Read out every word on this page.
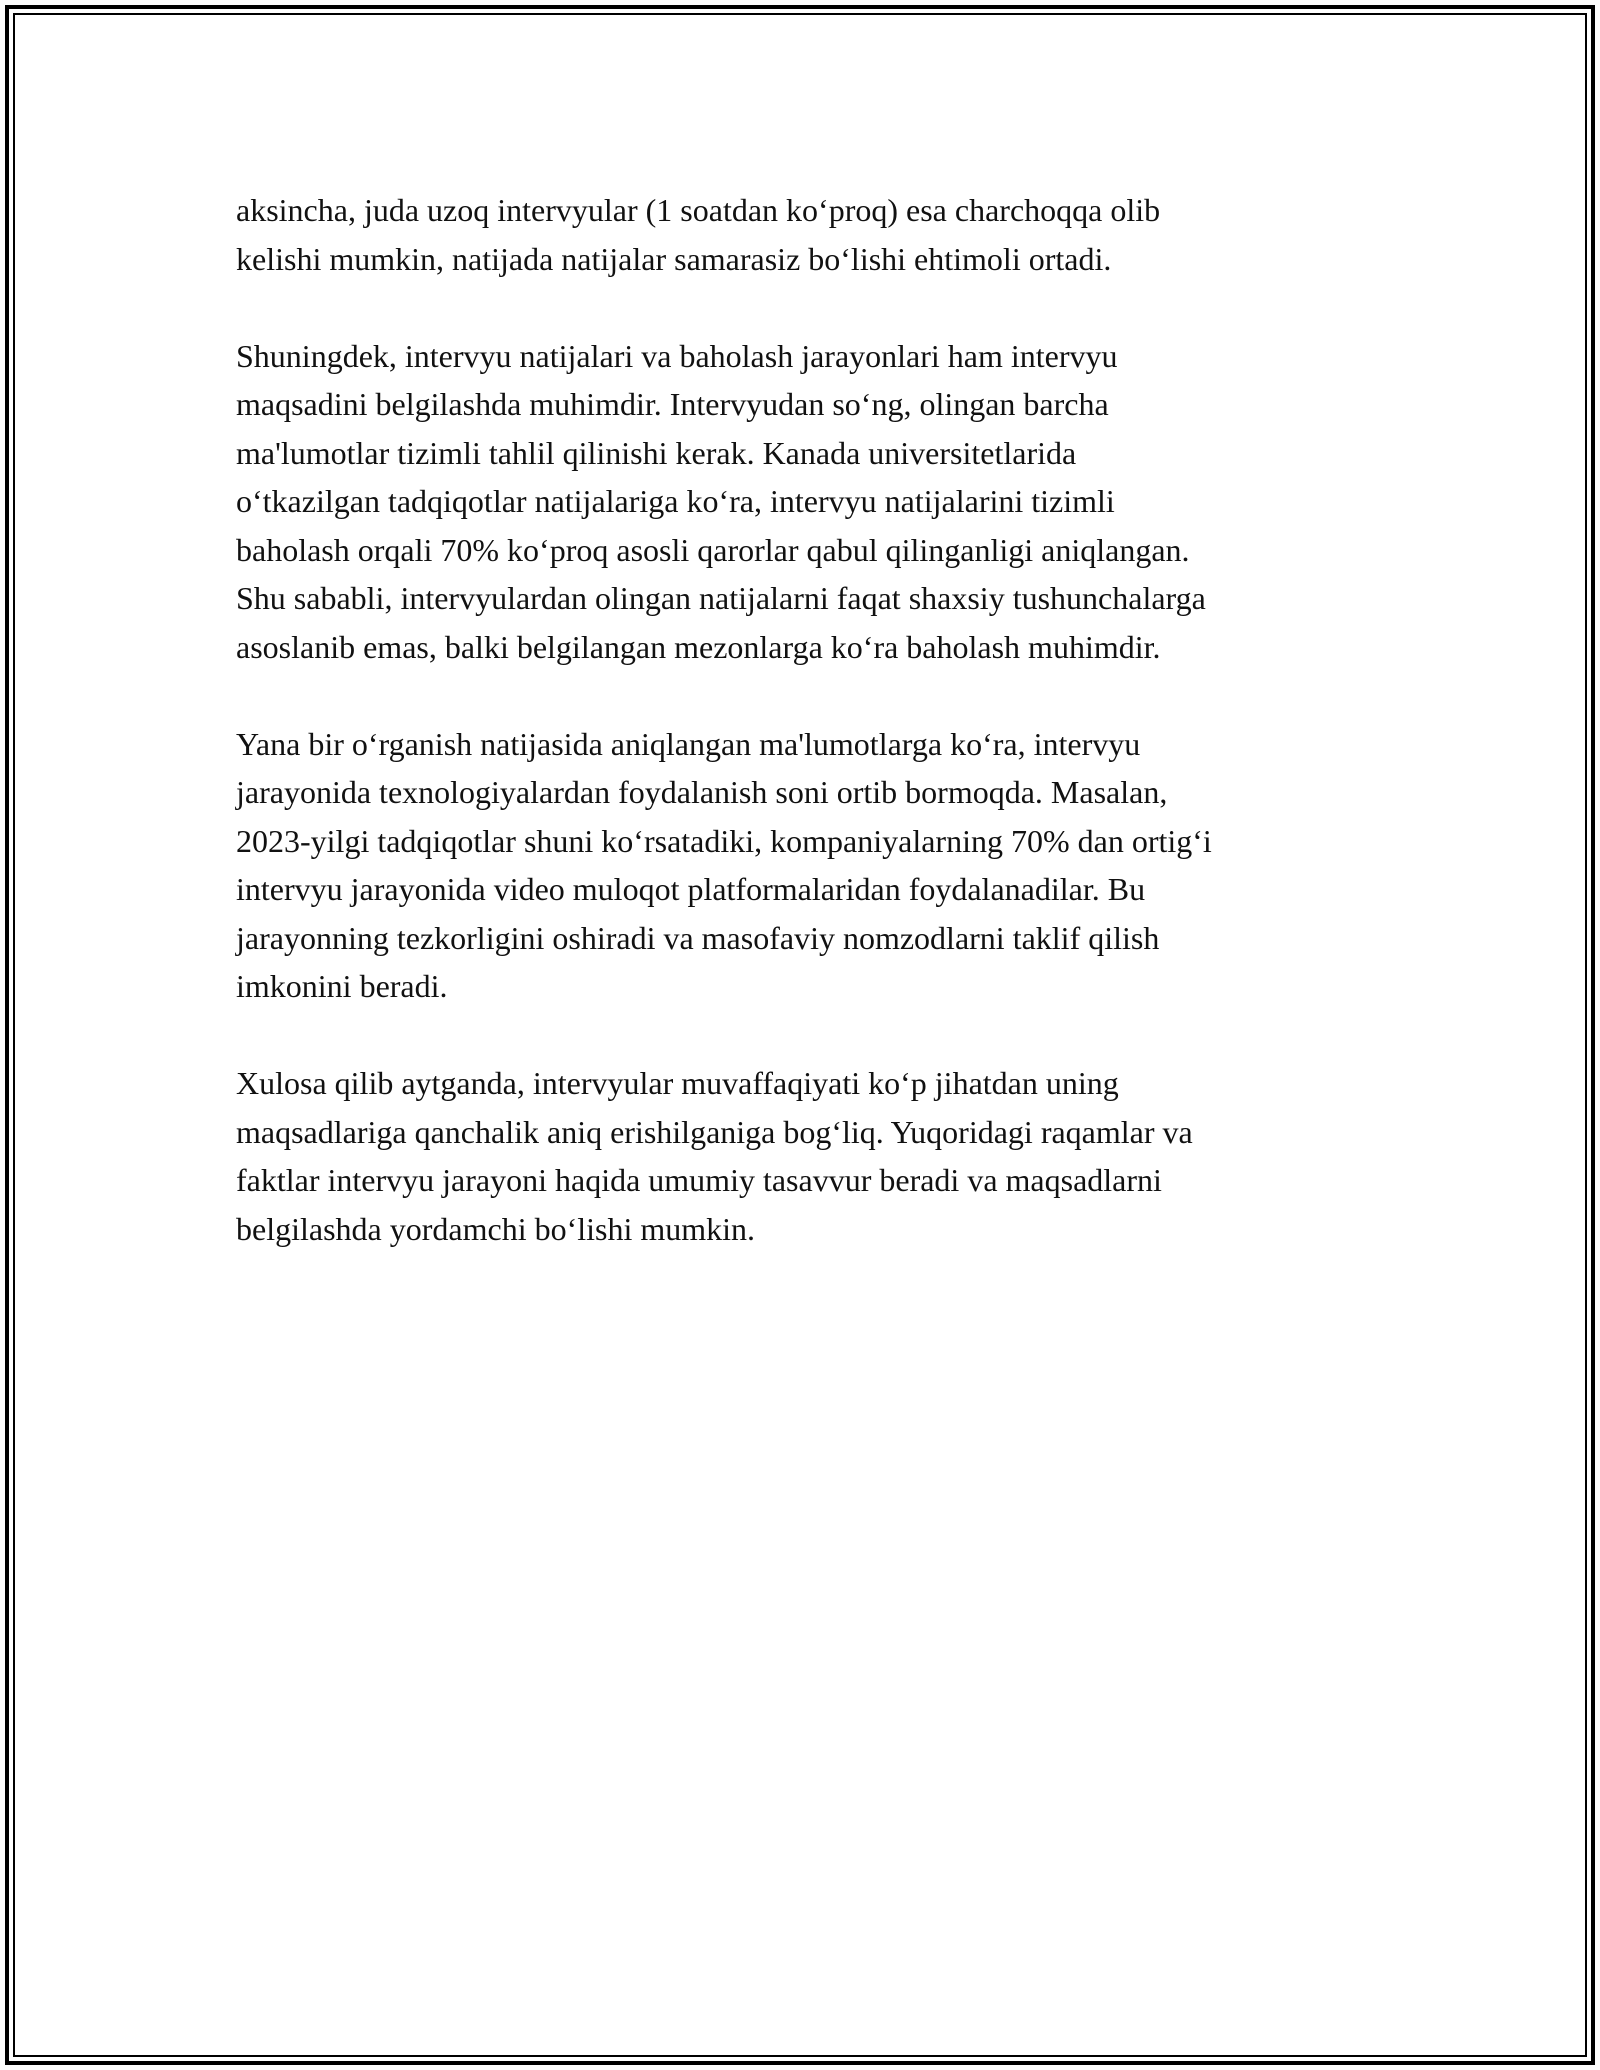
aksincha, juda uzoq intervyular (1 soatdan ko‘proq) esa charchoqqa olib
kelishi mumkin, natijada natijalar samarasiz bo‘lishi ehtimoli ortadi.

Shuningdek, intervyu natijalari va baholash jarayonlari ham intervyu
maqsadini belgilashda muhimdir. Intervyudan so‘ng, olingan barcha
ma'lumotlar tizimli tahlil qilinishi kerak. Kanada universitetlarida
o‘tkazilgan tadqiqotlar natijalariga ko‘ra, intervyu natijalarini tizimli
baholash orqali 70% ko‘proq asosli qarorlar qabul qilinganligi aniqlangan.
Shu sababli, intervyulardan olingan natijalarni faqat shaxsiy tushunchalarga
asoslanib emas, balki belgilangan mezonlarga ko‘ra baholash muhimdir.

Yana bir o‘rganish natijasida aniqlangan ma'lumotlarga ko‘ra, intervyu
jarayonida texnologiyalardan foydalanish soni ortib bormoqda. Masalan,
2023-yilgi tadqiqotlar shuni ko‘rsatadiki, kompaniyalarning 70% dan ortig‘i
intervyu jarayonida video muloqot platformalaridan foydalanadilar. Bu
jarayonning tezkorligini oshiradi va masofaviy nomzodlarni taklif qilish
imkonini beradi.

Xulosa qilib aytganda, intervyular muvaffaqiyati ko‘p jihatdan uning
maqsadlariga qanchalik aniq erishilganiga bog‘liq. Yuqoridagi raqamlar va
faktlar intervyu jarayoni haqida umumiy tasavvur beradi va maqsadlarni
belgilashda yordamchi bo‘lishi mumkin.
